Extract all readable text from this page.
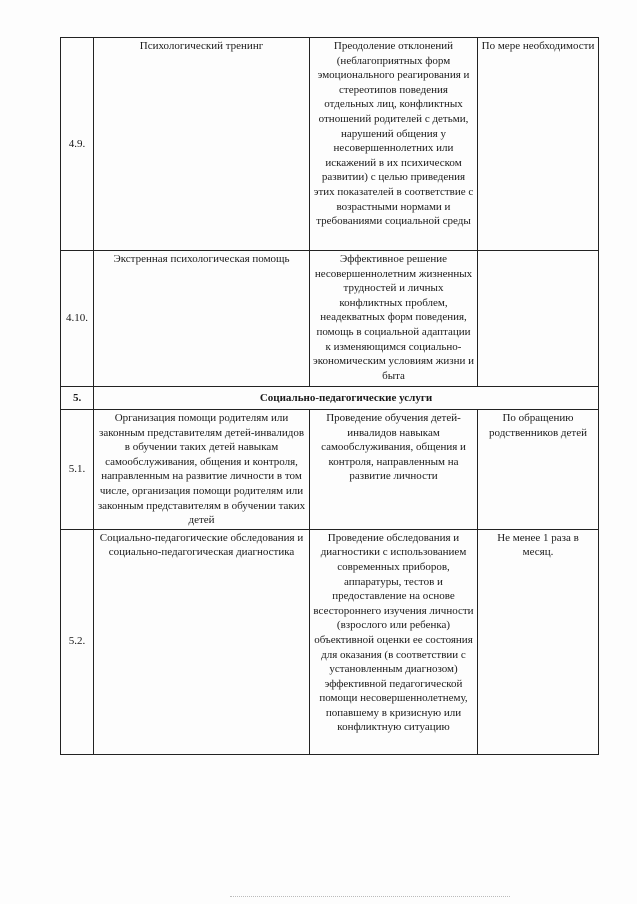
4.9.	Психологический тренинг	Преодоление отклонений (неблагоприятных форм эмоционального реагирования и стереотипов поведения отдельных лиц, конфликтных отношений родителей с детьми, нарушений общения у несовершеннолетних или искажений в их психическом развитии) с целью приведения этих показателей в соответствие с возрастными нормами и требованиями социальной среды	По мере необходимости
4.10.	Экстренная психологическая помощь	Эффективное решение несовершеннолетним жизненных трудностей и личных конфликтных проблем, неадекватных форм поведения, помощь в социальной адаптации к изменяющимся социально-экономическим условиям жизни и быта	
5.	Социально-педагогические услуги		
5.1.	Организация помощи родителям или законным представителям детей-инвалидов в обучении таких детей навыкам самообслуживания, общения и контроля, направленным на развитие личности в том числе, организация помощи родителям или законным представителям в обучении таких детей	Проведение обучения детей-инвалидов навыкам самообслуживания, общения и контроля, направленным на развитие личности	По обращению родственников детей
5.2.	Социально-педагогические обследования и социально-педагогическая диагностика	Проведение обследования и диагностики с использованием современных приборов, аппаратуры, тестов и предоставление на основе всестороннего изучения личности (взрослого или ребенка) объективной оценки ее состояния для оказания (в соответствии с установленным диагнозом) эффективной педагогической помощи несовершеннолетнему, попавшему в кризисную или конфликтную ситуацию	Не менее 1 раза в месяц.
